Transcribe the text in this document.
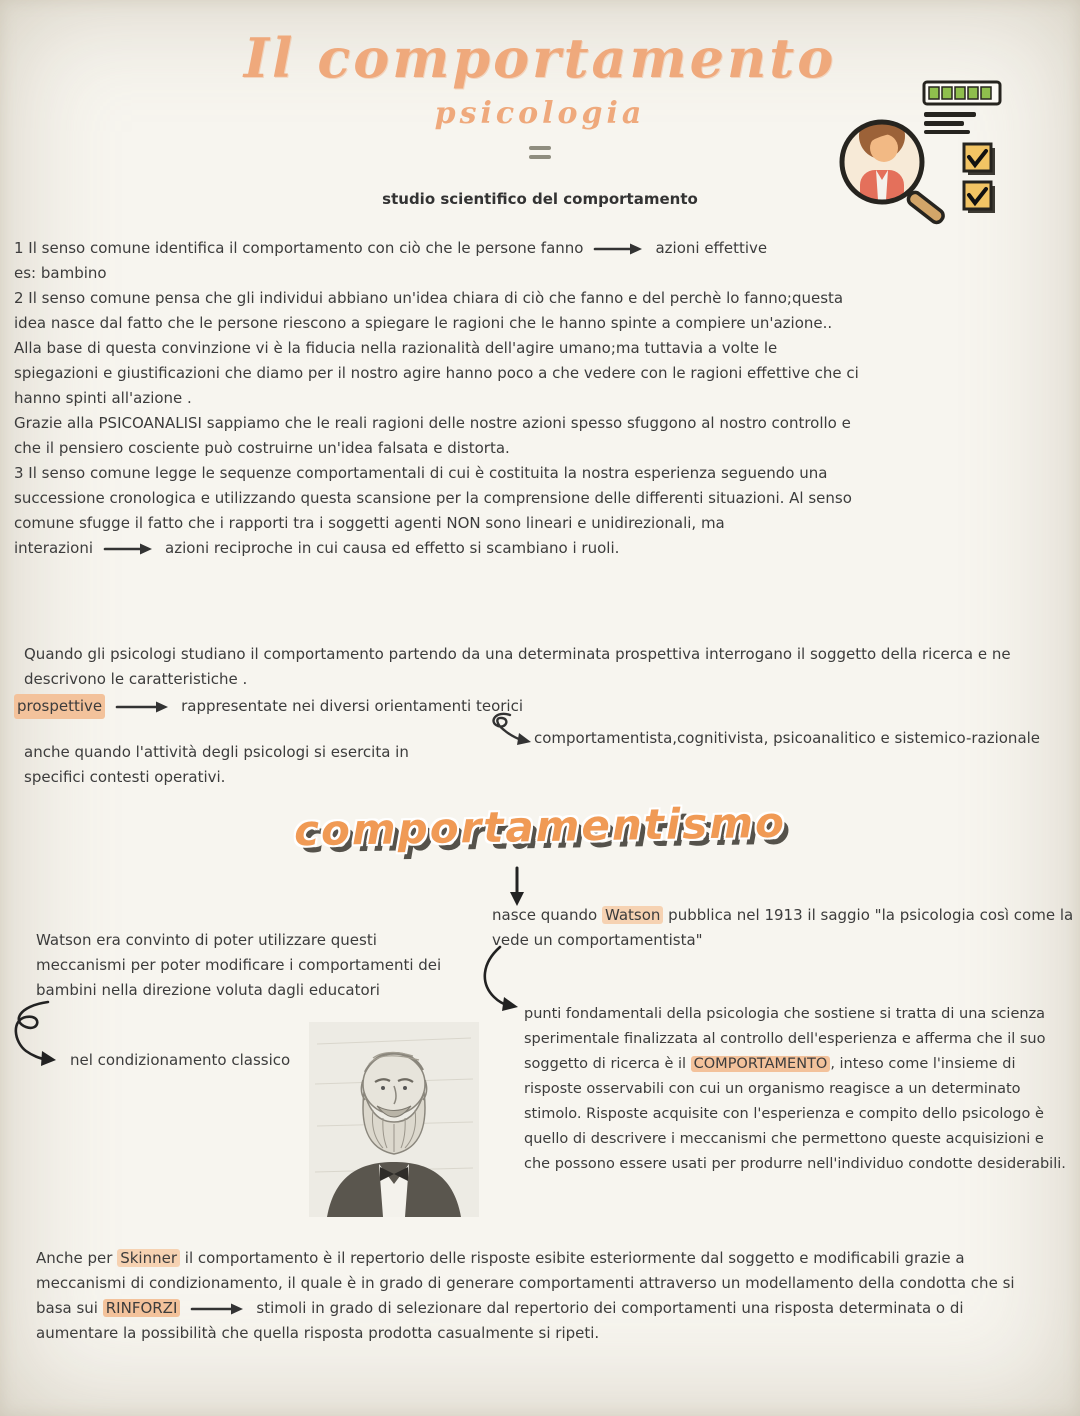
Il comportamento
psicologia
studio scientifico del comportamento

1 Il senso comune identifica il comportamento con ciò che le persone fanno	azioni effettive

es: bambino

2 Il senso comune pensa che gli individui abbiano un'idea chiara di ciò che fanno e del perchè lo fanno;questa idea nasce dal fatto che le persone riescono a spiegare le ragioni che le hanno spinte a compiere un'azione..

Alla base di questa convinzione vi è la fiducia nella razionalità dell'agire umano;ma tuttavia a volte le spiegazioni e giustificazioni che diamo per il nostro agire hanno poco a che vedere con le ragioni effettive che ci hanno spinti all'azione .

Grazie alla PSICOANALISI sappiamo che le reali ragioni delle nostre azioni spesso sfuggono al nostro controllo e che il pensiero cosciente può costruirne un'idea falsata e distorta.

3 Il senso comune legge le sequenze comportamentali di cui è costituita la nostra esperienza seguendo una successione cronologica e utilizzando questa scansione per la comprensione delle differenti situazioni. Al senso comune sfugge il fatto che i rapporti tra i soggetti agenti NON sono lineari e unidirezionali, ma

interazioni	azioni reciproche in cui causa ed effetto si scambiano i ruoli.

Quando gli psicologi studiano il comportamento partendo da una determinata prospettiva interrogano il soggetto della ricerca e ne descrivono le caratteristiche .

prospettive	rappresentate nei diversi orientamenti teorici

comportamentista,cognitivista, psicoanalitico e sistemico-razionale

anche quando l'attività degli psicologi si esercita in specifici contesti operativi.

comportamentismo

nasce quando Watson pubblica nel 1913 il saggio "la psicologia così come la vede un comportamentista"

Watson era convinto di poter utilizzare questi meccanismi per poter modificare i comportamenti dei bambini nella direzione voluta dagli educatori

nel condizionamento classico

punti fondamentali della psicologia che sostiene si tratta di una scienza sperimentale finalizzata al controllo dell'esperienza e afferma che il suo soggetto di ricerca è il COMPORTAMENTO , inteso come l'insieme di risposte osservabili con cui un organismo reagisce a un determinato stimolo. Risposte acquisite con l'esperienza e compito dello psicologo è quello di descrivere i meccanismi che permettono queste acquisizioni e che possono essere usati per produrre nell'individuo condotte desiderabili.

Anche per Skinner il comportamento è il repertorio delle risposte esibite esteriormente dal soggetto e modificabili grazie a meccanismi di condizionamento, il quale è in grado di generare comportamenti attraverso un modellamento della condotta che si basa sui RINFORZI	stimoli in grado di selezionare dal repertorio dei comportamenti una risposta determinata o di aumentare la possibilità che quella risposta prodotta casualmente si ripeti.
